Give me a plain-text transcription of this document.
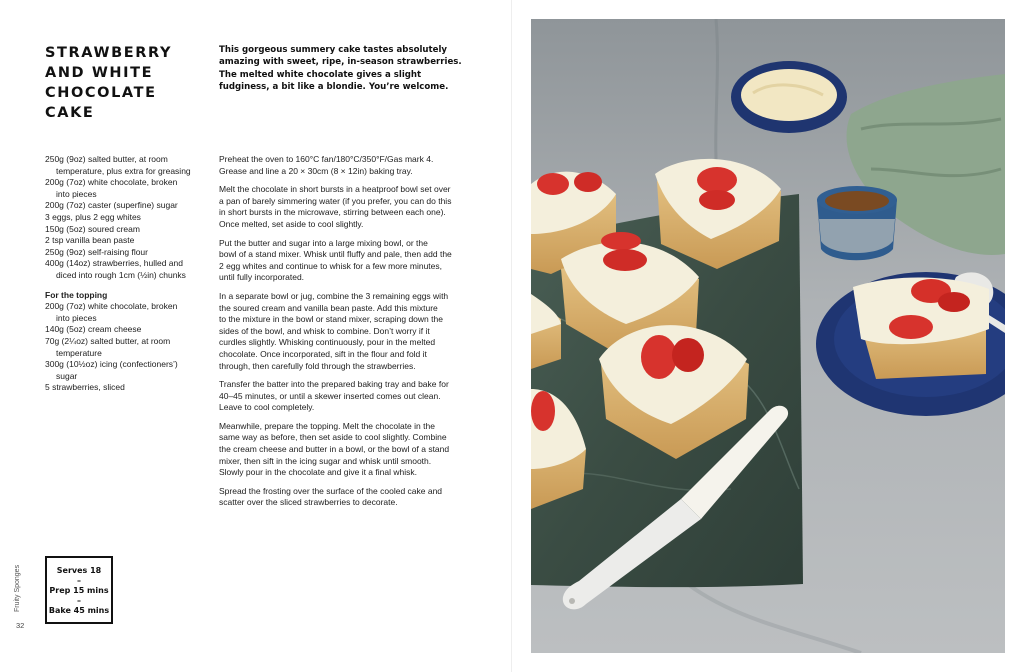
STRAWBERRY
AND WHITE
CHOCOLATE
CAKE

This gorgeous summery cake tastes absolutely
amazing with sweet, ripe, in-season strawberries.
The melted white chocolate gives a slight
fudginess, a bit like a blondie. You’re welcome.

250g (9oz) salted butter, at room
temperature, plus extra for greasing
200g (7oz) white chocolate, broken
into pieces
200g (7oz) caster (superfine) sugar
3 eggs, plus 2 egg whites
150g (5oz) soured cream
2 tsp vanilla bean paste
250g (9oz) self-raising flour
400g (14oz) strawberries, hulled and
diced into rough 1cm (½in) chunks
For the topping
200g (7oz) white chocolate, broken
into pieces
140g (5oz) cream cheese
70g (2¼oz) salted butter, at room
temperature
300g (10½oz) icing (confectioners’)
sugar
5 strawberries, sliced
Preheat the oven to 160°C fan/180°C/350°F/Gas mark 4.
Grease and line a 20 × 30cm (8 × 12in) baking tray.
Melt the chocolate in short bursts in a heatproof bowl set over
a pan of barely simmering water (if you prefer, you can do this
in short bursts in the microwave, stirring between each one).
Once melted, set aside to cool slightly.
Put the butter and sugar into a large mixing bowl, or the
bowl of a stand mixer. Whisk until fluffy and pale, then add the
2 egg whites and continue to whisk for a few more minutes,
until fully incorporated.
In a separate bowl or jug, combine the 3 remaining eggs with
the soured cream and vanilla bean paste. Add this mixture
to the mixture in the bowl or stand mixer, scraping down the
sides of the bowl, and whisk to combine. Don’t worry if it
curdles slightly. Whisking continuously, pour in the melted
chocolate. Once incorporated, sift in the flour and fold it
through, then carefully fold through the strawberries.
Transfer the batter into the prepared baking tray and bake for
40–45 minutes, or until a skewer inserted comes out clean.
Leave to cool completely.
Meanwhile, prepare the topping. Melt the chocolate in the
same way as before, then set aside to cool slightly. Combine
the cream cheese and butter in a bowl, or the bowl of a stand
mixer, then sift in the icing sugar and whisk until smooth.
Slowly pour in the chocolate and give it a final whisk.
Spread the frosting over the surface of the cooled cake and
scatter over the sliced strawberries to decorate.
Serves 18
–
Prep 15 mins
–
Bake 45 mins
Fruity Sponges
32
